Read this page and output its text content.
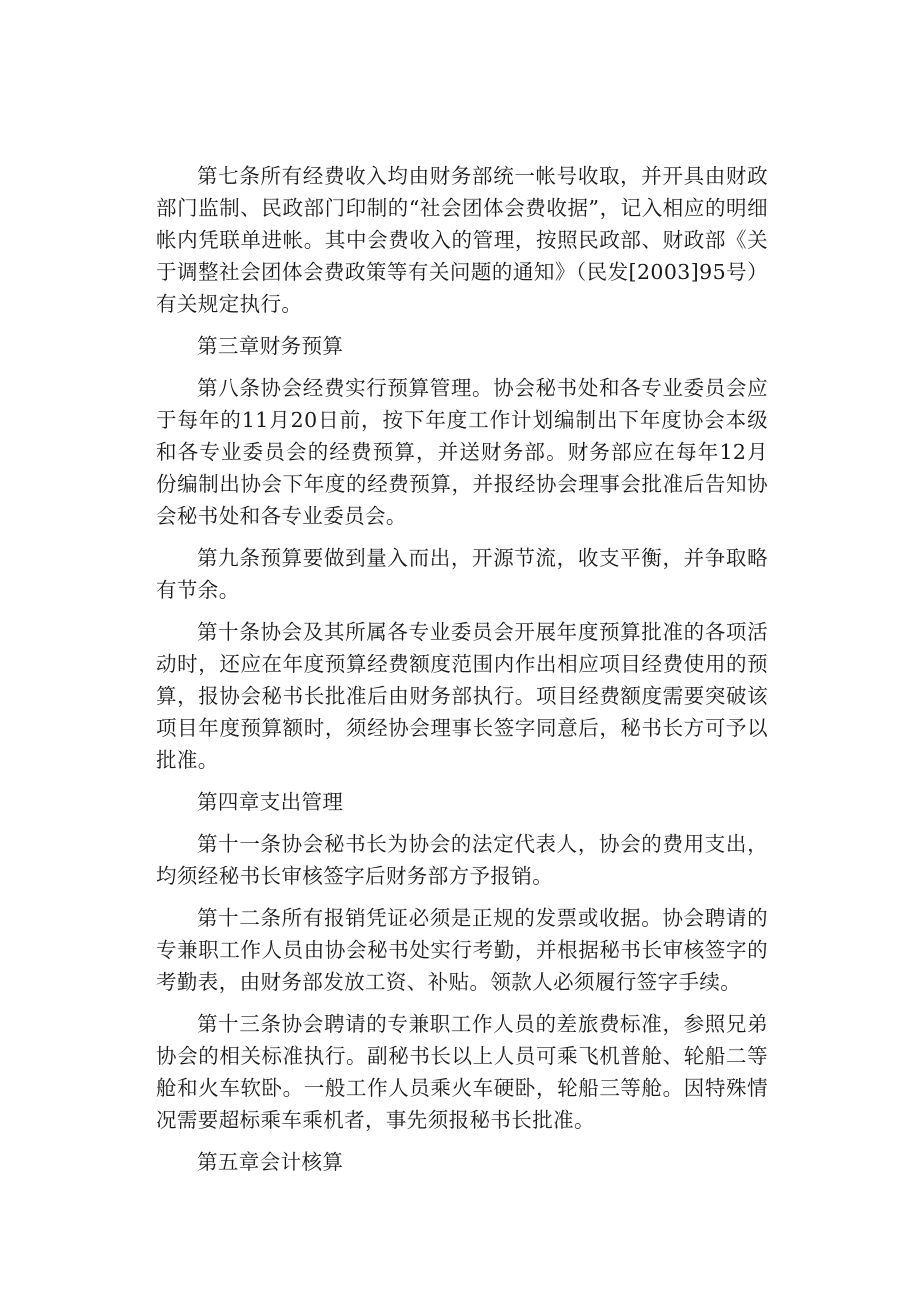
第七条所有经费收入均由财务部统一帐号收取，并开具由财政部门监制、民政部门印制的“社会团体会费收据”，记入相应的明细帐内凭联单进帐。其中会费收入的管理，按照民政部、财政部《关于调整社会团体会费政策等有关问题的通知》（民发[2003]95号）有关规定执行。

第三章财务预算

第八条协会经费实行预算管理。协会秘书处和各专业委员会应于每年的11月20日前，按下年度工作计划编制出下年度协会本级和各专业委员会的经费预算，并送财务部。财务部应在每年12月份编制出协会下年度的经费预算，并报经协会理事会批准后告知协会秘书处和各专业委员会。

第九条预算要做到量入而出，开源节流，收支平衡，并争取略有节余。

第十条协会及其所属各专业委员会开展年度预算批准的各项活动时，还应在年度预算经费额度范围内作出相应项目经费使用的预算，报协会秘书长批准后由财务部执行。项目经费额度需要突破该项目年度预算额时，须经协会理事长签字同意后，秘书长方可予以批准。

第四章支出管理

第十一条协会秘书长为协会的法定代表人，协会的费用支出，均须经秘书长审核签字后财务部方予报销。

第十二条所有报销凭证必须是正规的发票或收据。协会聘请的专兼职工作人员由协会秘书处实行考勤，并根据秘书长审核签字的考勤表，由财务部发放工资、补贴。领款人必须履行签字手续。

第十三条协会聘请的专兼职工作人员的差旅费标准，参照兄弟协会的相关标准执行。副秘书长以上人员可乘飞机普舱、轮船二等舱和火车软卧。一般工作人员乘火车硬卧，轮船三等舱。因特殊情况需要超标乘车乘机者，事先须报秘书长批准。

第五章会计核算
